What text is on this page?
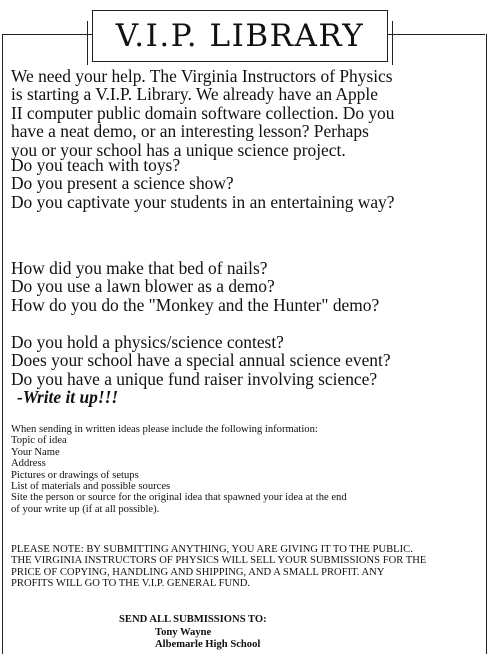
V.I.P. LIBRARY
We need your help. The Virginia Instructors of Physics
is starting a V.I.P. Library. We already have an Apple
II computer public domain software collection. Do you
have a neat demo, or an interesting lesson? Perhaps
you or your school has a unique science project.
Do you teach with toys?
Do you present a science show?
Do you captivate your students in an entertaining way?
How did you make that bed of nails?
Do you use a lawn blower as a demo?
How do you do the "Monkey and the Hunter" demo?
Do you hold a physics/science contest?
Does your school have a special annual science event?
Do you have a unique fund raiser involving science?
-Write it up!!!
When sending in written ideas please include the following information:
Topic of idea
Your Name
Address
Pictures or drawings of setups
List of materials and possible sources
Site the person or source for the original idea that spawned your idea at the end
of your write up (if at all possible).
PLEASE NOTE: BY SUBMITTING ANYTHING, YOU ARE GIVING IT TO THE PUBLIC.
THE VIRGINIA INSTRUCTORS OF PHYSICS WILL SELL YOUR SUBMISSIONS FOR THE
PRICE OF COPYING, HANDLING AND SHIPPING, AND A SMALL PROFIT. ANY
PROFITS WILL GO TO THE V.I.P. GENERAL FUND.
SEND ALL SUBMISSIONS TO:
Tony Wayne
Albemarle High School
